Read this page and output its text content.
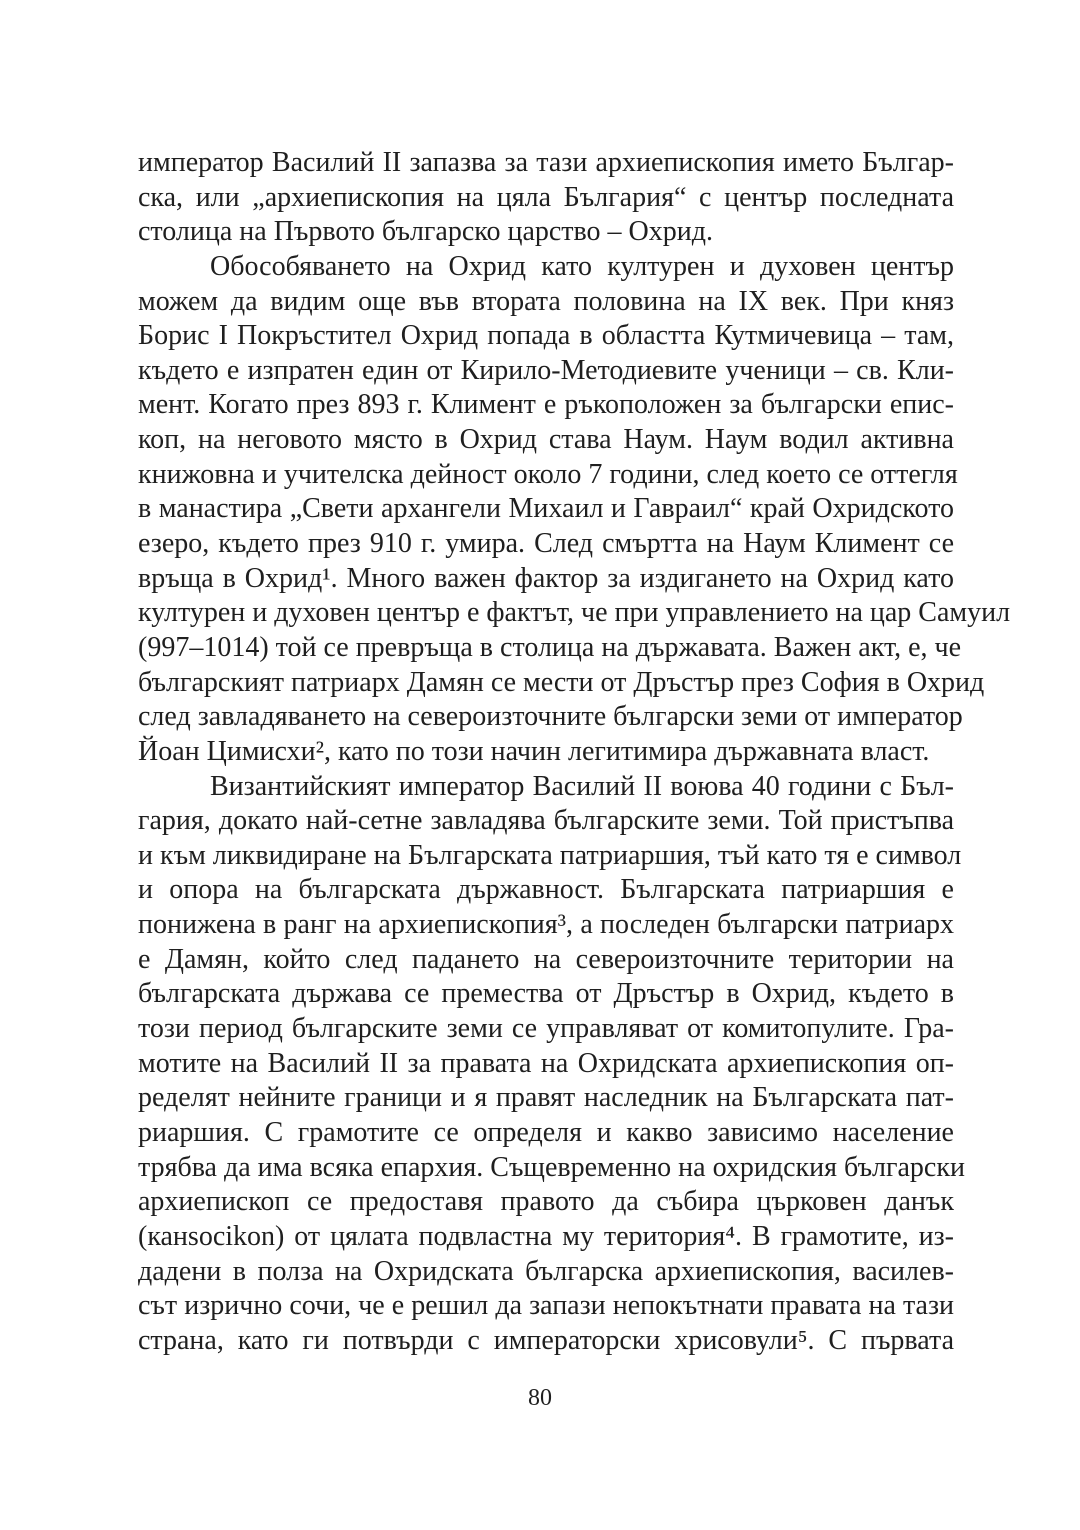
император Василий II запазва за тази архиепископия името Българ-
ска, или „архиепископия на цяла България“ с център последната
столица на Първото българско царство – Охрид.
Обособяването на Охрид като културен и духовен център
можем да видим още във втората половина на IX век. При княз
Борис I Покръстител Охрид попада в областта Кутмичевица – там,
където е изпратен един от Кирило-Методиевите ученици – св. Кли-
мент. Когато през 893 г. Климент е ръкоположен за български епис-
коп, на неговото място в Охрид става Наум. Наум водил активна
книжовна и учителска дейност около 7 години, след което се оттегля
в манастира „Свети архангели Михаил и Гавраил“ край Охридското
езеро, където през 910 г. умира. След смъртта на Наум Климент се
връща в Охрид¹. Много важен фактор за издигането на Охрид като
културен и духовен център е фактът, че при управлението на цар Самуил
(997–1014) той се превръща в столица на държавата. Важен акт, е, че
българският патриарх Дамян се мести от Дръстър през София в Охрид
след завладяването на североизточните български земи от император
Йоан Цимисхи², като по този начин легитимира държавната власт.
Византийският император Василий II воюва 40 години с Бъл-
гария, докато най-сетне завладява българските земи. Той пристъпва
и към ликвидиране на Българската патриаршия, тъй като тя е символ
и опора на българската държавност. Българската патриаршия е
понижена в ранг на архиепископия³, а последен български патриарх
е Дамян, който след падането на североизточните територии на
българската държава се премества от Дръстър в Охрид, където в
този период българските земи се управляват от комитопулите. Гра-
мотите на Василий II за правата на Охридската архиепископия оп-
ределят нейните граници и я правят наследник на Българската пат-
риаршия. С грамотите се определя и какво зависимо население
трябва да има всяка епархия. Същевременно на охридския български
архиепископ се предоставя правото да събира църковен данък
(канsocikon) от цялата подвластна му територия⁴. В грамотите, из-
дадени в полза на Охридската българска архиепископия, василев-
сът изрично сочи, че е решил да запази непокътнати правата на тази
страна, като ги потвърди с императорски хрисовули⁵. С първата
80
